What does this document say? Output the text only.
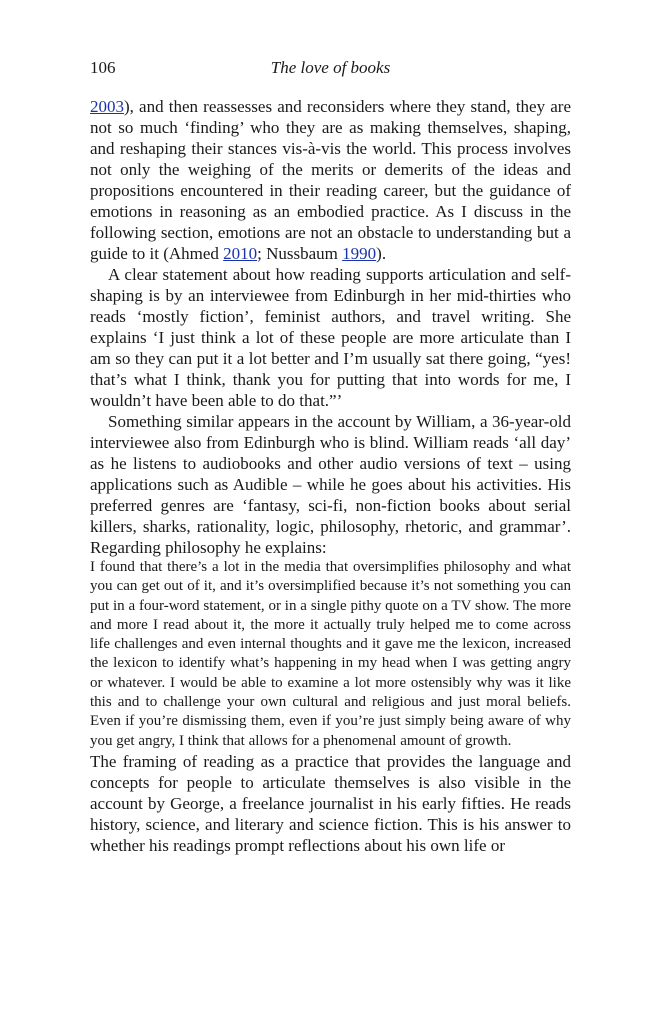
106	The love of books

2003), and then reassesses and reconsiders where they stand, they are not so much ‘finding’ who they are as making themselves, shaping, and reshaping their stances vis-à-vis the world. This process involves not only the weighing of the merits or demerits of the ideas and propositions encountered in their reading career, but the guidance of emotions in reasoning as an embodied practice. As I discuss in the following section, emotions are not an obstacle to understanding but a guide to it (Ahmed 2010; Nussbaum 1990).

A clear statement about how reading supports articulation and self-shaping is by an interviewee from Edinburgh in her mid-thirties who reads ‘mostly fiction’, feminist authors, and travel writing. She explains ‘I just think a lot of these people are more articulate than I am so they can put it a lot better and I’m usually sat there going, “yes! that’s what I think, thank you for putting that into words for me, I wouldn’t have been able to do that.”’

Something similar appears in the account by William, a 36-year-old interviewee also from Edinburgh who is blind. William reads ‘all day’ as he listens to audiobooks and other audio versions of text – using applications such as Audible – while he goes about his activities. His preferred genres are ‘fantasy, sci-fi, non-fiction books about serial killers, sharks, rationality, logic, philosophy, rhetoric, and grammar’. Regarding philosophy he explains:

I found that there’s a lot in the media that oversimplifies philosophy and what you can get out of it, and it’s oversimplified because it’s not something you can put in a four-word statement, or in a single pithy quote on a TV show. The more and more I read about it, the more it actually truly helped me to come across life challenges and even internal thoughts and it gave me the lexicon, increased the lexicon to identify what’s happening in my head when I was getting angry or whatever. I would be able to examine a lot more ostensibly why was it like this and to challenge your own cultural and religious and just moral beliefs. Even if you’re dismissing them, even if you’re just simply being aware of why you get angry, I think that allows for a phenomenal amount of growth.

The framing of reading as a practice that provides the language and concepts for people to articulate themselves is also visible in the account by George, a freelance journalist in his early fifties. He reads history, science, and literary and science fiction. This is his answer to whether his readings prompt reflections about his own life or
